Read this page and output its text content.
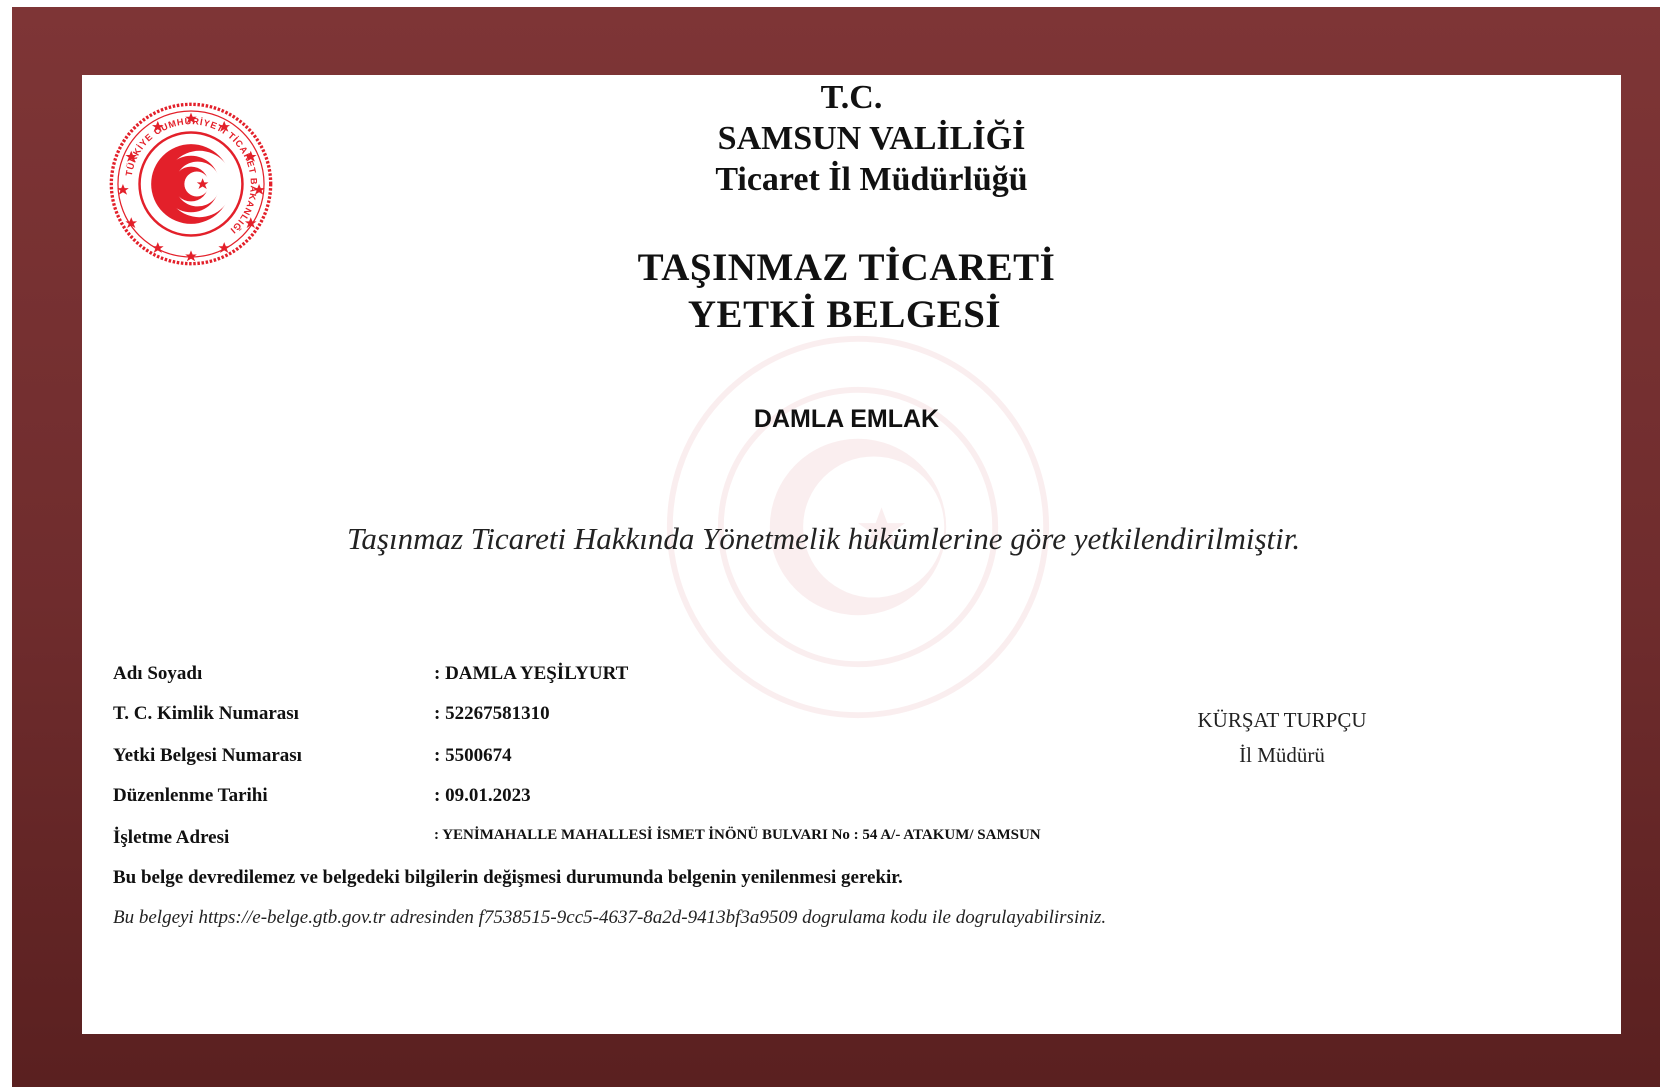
TÜRKİYE CUMHURİYETİ TİCARET BAKANLIĞI
T.C.
SAMSUN VALİLİĞİ
Ticaret İl Müdürlüğü
TAŞINMAZ TİCARETİ
YETKİ BELGESİ
DAMLA EMLAK
Taşınmaz Ticareti Hakkında Yönetmelik hükümlerine göre yetkilendirilmiştir.
Adı Soyadı	: DAMLA YEŞİLYURT
T. C. Kimlik Numarası	: 52267581310
Yetki Belgesi Numarası	: 5500674
Düzenlenme Tarihi	: 09.01.2023
İşletme Adresi	: YENİMAHALLE MAHALLESİ İSMET İNÖNÜ BULVARI No : 54 A/- ATAKUM/ SAMSUN
Bu belge devredilemez ve belgedeki bilgilerin değişmesi durumunda belgenin yenilenmesi gerekir.
Bu belgeyi https://e-belge.gtb.gov.tr adresinden f7538515-9cc5-4637-8a2d-9413bf3a9509 dogrulama kodu ile dogrulayabilirsiniz.
KÜRŞAT TURPÇU
İl Müdürü
